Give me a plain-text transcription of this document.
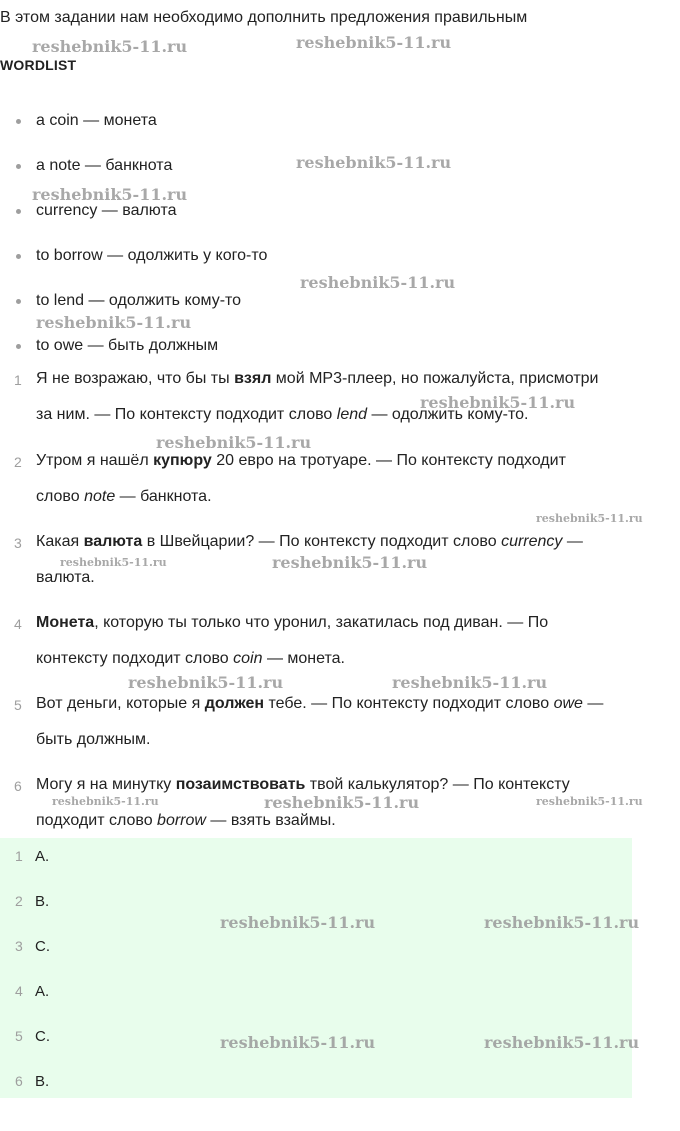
В этом задании нам необходимо дополнить предложения правильным
WORDLIST
a coin — монета
a note — банкнота
currency — валюта
to borrow — одолжить у кого-то
to lend — одолжить кому-то
to owe — быть должным
1 Я не возражаю, что бы ты взял мой MP3-плеер, но пожалуйста, присмотри
за ним. — По контексту подходит слово lend — одолжить кому-то.
2 Утром я нашёл купюру 20 евро на тротуаре. — По контексту подходит
слово note — банкнота.
3 Какая валюта в Швейцарии? — По контексту подходит слово currency —
валюта.
4 Монета, которую ты только что уронил, закатилась под диван. — По
контексту подходит слово coin — монета.
5 Вот деньги, которые я должен тебе. — По контексту подходит слово owe —
быть должным.
6 Могу я на минутку позаимствовать твой калькулятор? — По контексту
подходит слово borrow — взять взаймы.
1 A.
2 B.
3 C.
4 A.
5 C.
6 B.
reshebnik5-11.ru	reshebnik5-11.ru
reshebnik5-11.ru
reshebnik5-11.ru
reshebnik5-11.ru
reshebnik5-11.ru
reshebnik5-11.ru
reshebnik5-11.ru
reshebnik5-11.ru
reshebnik5-11.ru	reshebnik5-11.ru
reshebnik5-11.ru	reshebnik5-11.ru
reshebnik5-11.ru	reshebnik5-11.ru	reshebnik5-11.ru
reshebnik5-11.ru	reshebnik5-11.ru
reshebnik5-11.ru	reshebnik5-11.ru
